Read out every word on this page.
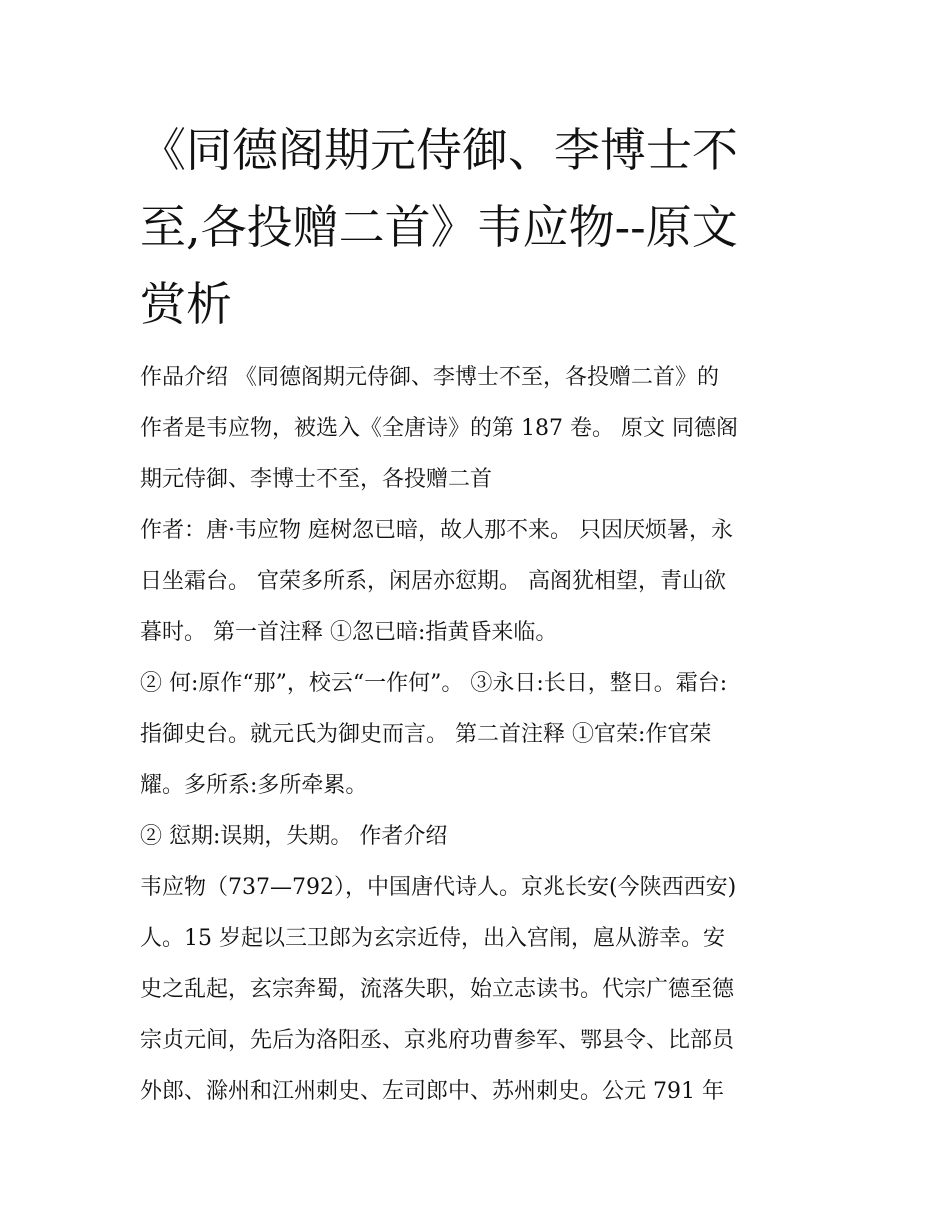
《同德阁期元侍御、李博士不
至,各投赠二首》韦应物--原文
赏析
作品介绍 《同德阁期元侍御、李博士不至，各投赠二首》的
作者是韦应物，被选入《全唐诗》的第 187 卷。 原文 同德阁
期元侍御、李博士不至，各投赠二首
作者：唐·韦应物 庭树忽已暗，故人那不来。 只因厌烦暑，永
日坐霜台。 官荣多所系，闲居亦愆期。 高阁犹相望，青山欲
暮时。 第一首注释 ①忽已暗:指黄昏来临。
② 何:原作“那”，校云“一作何”。 ③永日:长日，整日。霜台:
指御史台。就元氏为御史而言。 第二首注释 ①官荣:作官荣
耀。多所系:多所牵累。
② 愆期:误期，失期。 作者介绍
韦应物（737—792），中国唐代诗人。京兆长安(今陕西西安)
人。15 岁起以三卫郎为玄宗近侍，出入宫闱，扈从游幸。安
史之乱起，玄宗奔蜀，流落失职，始立志读书。代宗广德至德
宗贞元间，先后为洛阳丞、京兆府功曹参军、鄂县令、比部员
外郎、滁州和江州刺史、左司郎中、苏州刺史。公元 791 年
